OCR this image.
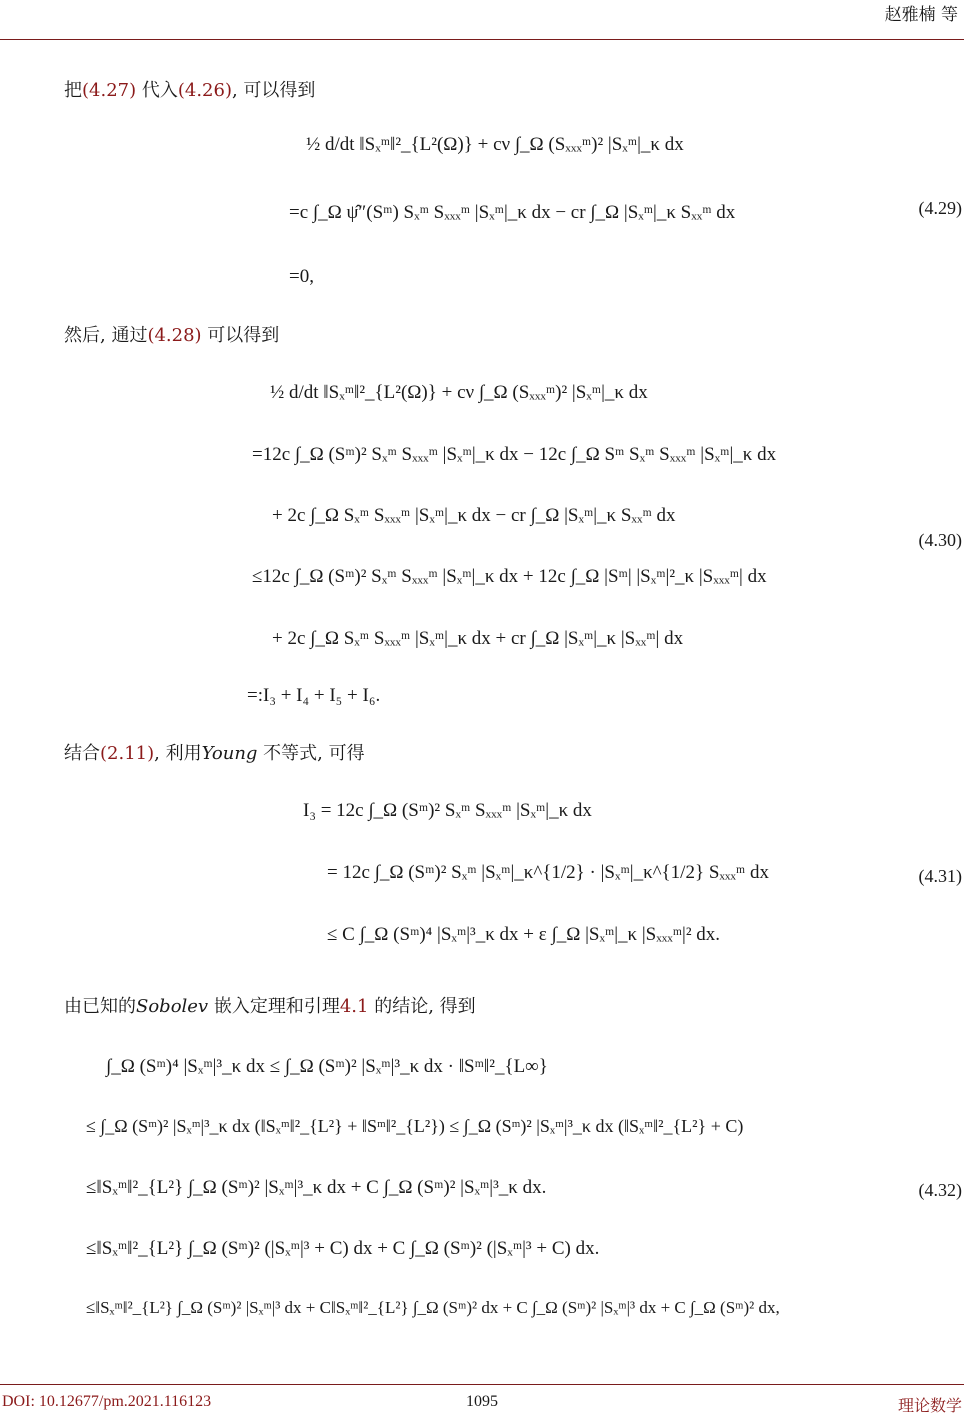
赵雅楠 等
DOI: 10.12677/pm.2021.116123	1095	理论数学
把(4.27) 代入(4.26), 可以得到
½ d/dt ‖Sₓᵐ‖²_{L²(Ω)} + cν ∫_Ω (Sₓₓₓᵐ)² |Sₓᵐ|_κ dx
=c ∫_Ω ψ̂″(Sᵐ) Sₓᵐ Sₓₓₓᵐ |Sₓᵐ|_κ dx − cr ∫_Ω |Sₓᵐ|_κ Sₓₓᵐ dx
=0,
(4.29)
然后, 通过(4.28) 可以得到
½ d/dt ‖Sₓᵐ‖²_{L²(Ω)} + cν ∫_Ω (Sₓₓₓᵐ)² |Sₓᵐ|_κ dx
=12c ∫_Ω (Sᵐ)² Sₓᵐ Sₓₓₓᵐ |Sₓᵐ|_κ dx − 12c ∫_Ω Sᵐ Sₓᵐ Sₓₓₓᵐ |Sₓᵐ|_κ dx
+ 2c ∫_Ω Sₓᵐ Sₓₓₓᵐ |Sₓᵐ|_κ dx − cr ∫_Ω |Sₓᵐ|_κ Sₓₓᵐ dx
≤12c ∫_Ω (Sᵐ)² Sₓᵐ Sₓₓₓᵐ |Sₓᵐ|_κ dx + 12c ∫_Ω |Sᵐ| |Sₓᵐ|²_κ |Sₓₓₓᵐ| dx
+ 2c ∫_Ω Sₓᵐ Sₓₓₓᵐ |Sₓᵐ|_κ dx + cr ∫_Ω |Sₓᵐ|_κ |Sₓₓᵐ| dx
=:I₃ + I₄ + I₅ + I₆.
(4.30)
结合(2.11), 利用Young 不等式, 可得
I₃ = 12c ∫_Ω (Sᵐ)² Sₓᵐ Sₓₓₓᵐ |Sₓᵐ|_κ dx
= 12c ∫_Ω (Sᵐ)² Sₓᵐ |Sₓᵐ|_κ^{1/2} · |Sₓᵐ|_κ^{1/2} Sₓₓₓᵐ dx
≤ C ∫_Ω (Sᵐ)⁴ |Sₓᵐ|³_κ dx + ε ∫_Ω |Sₓᵐ|_κ |Sₓₓₓᵐ|² dx.
(4.31)
由已知的Sobolev 嵌入定理和引理4.1 的结论, 得到
∫_Ω (Sᵐ)⁴ |Sₓᵐ|³_κ dx ≤ ∫_Ω (Sᵐ)² |Sₓᵐ|³_κ dx · ‖Sᵐ‖²_{L∞}
≤ ∫_Ω (Sᵐ)² |Sₓᵐ|³_κ dx (‖Sₓᵐ‖²_{L²} + ‖Sᵐ‖²_{L²}) ≤ ∫_Ω (Sᵐ)² |Sₓᵐ|³_κ dx (‖Sₓᵐ‖²_{L²} + C)
≤‖Sₓᵐ‖²_{L²} ∫_Ω (Sᵐ)² |Sₓᵐ|³_κ dx + C ∫_Ω (Sᵐ)² |Sₓᵐ|³_κ dx.
≤‖Sₓᵐ‖²_{L²} ∫_Ω (Sᵐ)² (|Sₓᵐ|³ + C) dx + C ∫_Ω (Sᵐ)² (|Sₓᵐ|³ + C) dx.
≤‖Sₓᵐ‖²_{L²} ∫_Ω (Sᵐ)² |Sₓᵐ|³ dx + C‖Sₓᵐ‖²_{L²} ∫_Ω (Sᵐ)² dx + C ∫_Ω (Sᵐ)² |Sₓᵐ|³ dx + C ∫_Ω (Sᵐ)² dx,
(4.32)
